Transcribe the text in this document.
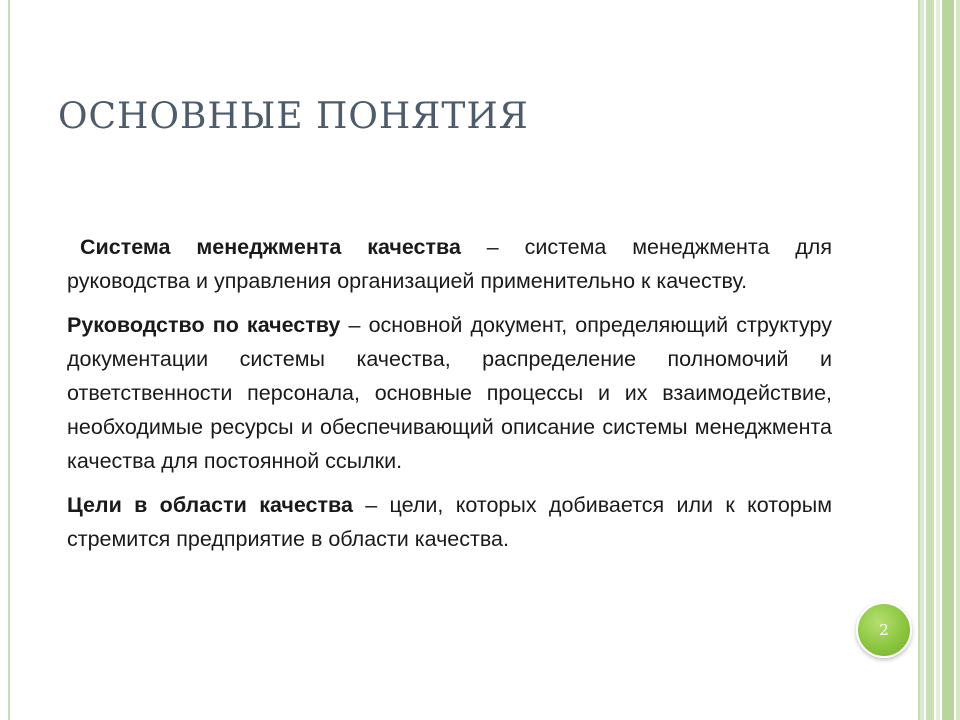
ОСНОВНЫЕ ПОНЯТИЯ

Система менеджмента качества – система менеджмента для руководства и управления организацией применительно к качеству.

Руководство по качеству – основной документ, определяющий структуру документации системы качества, распределение полномочий и ответственности персонала, основные процессы и их взаимодействие, необходимые ресурсы и обеспечивающий описание системы менеджмента качества для постоянной ссылки.

Цели в области качества – цели, которых добивается или к которым стремится предприятие в области качества.

2
